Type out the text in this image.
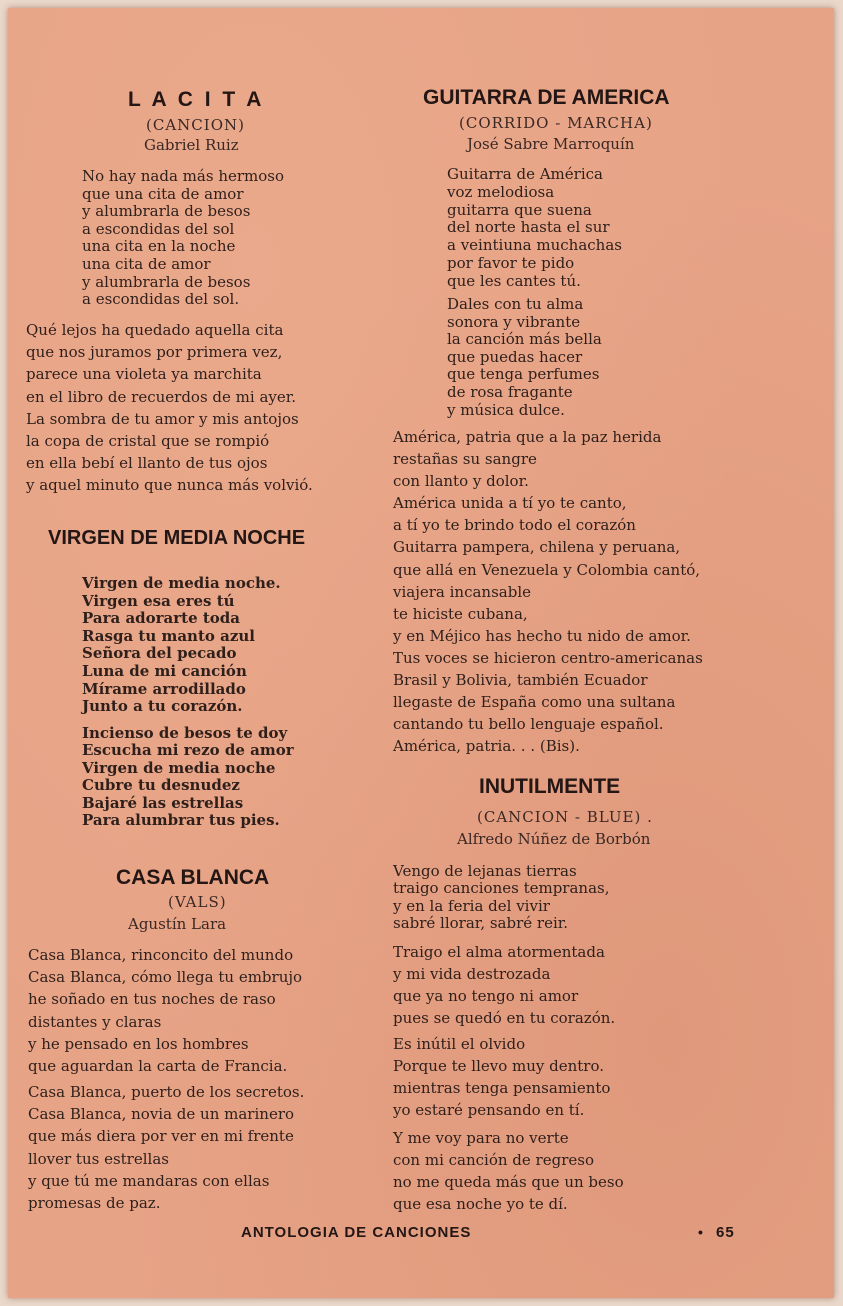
L A C I T A
(CANCION)
Gabriel Ruiz
No hay nada más hermoso
que una cita de amor
y alumbrarla de besos
a escondidas del sol
una cita en la noche
una cita de amor
y alumbrarla de besos
a escondidas del sol.
Qué lejos ha quedado aquella cita
que nos juramos por primera vez,
parece una violeta ya marchita
en el libro de recuerdos de mi ayer.
La sombra de tu amor y mis antojos
la copa de cristal que se rompió
en ella bebí el llanto de tus ojos
y aquel minuto que nunca más volvió.
VIRGEN DE MEDIA NOCHE
Virgen de media noche.
Virgen esa eres tú
Para adorarte toda
Rasga tu manto azul
Señora del pecado
Luna de mi canción
Mírame arrodillado
Junto a tu corazón.
Incienso de besos te doy
Escucha mi rezo de amor
Virgen de media noche
Cubre tu desnudez
Bajaré las estrellas
Para alumbrar tus pies.
CASA BLANCA
(VALS)
Agustín Lara
Casa Blanca, rinconcito del mundo
Casa Blanca, cómo llega tu embrujo
he soñado en tus noches de raso
distantes y claras
y he pensado en los hombres
que aguardan la carta de Francia.
Casa Blanca, puerto de los secretos.
Casa Blanca, novia de un marinero
que más diera por ver en mi frente
llover tus estrellas
y que tú me mandaras con ellas
promesas de paz.
GUITARRA DE AMERICA
(CORRIDO - MARCHA)
José Sabre Marroquín
Guitarra de América
voz melodiosa
guitarra que suena
del norte hasta el sur
a veintiuna muchachas
por favor te pido
que les cantes tú.
Dales con tu alma
sonora y vibrante
la canción más bella
que puedas hacer
que tenga perfumes
de rosa fragante
y música dulce.
América, patria que a la paz herida
restañas su sangre
con llanto y dolor.
América unida a tí yo te canto,
a tí yo te brindo todo el corazón
Guitarra pampera, chilena y peruana,
que allá en Venezuela y Colombia cantó,
viajera incansable
te hiciste cubana,
y en Méjico has hecho tu nido de amor.
Tus voces se hicieron centro-americanas
Brasil y Bolivia, también Ecuador
llegaste de España como una sultana
cantando tu bello lenguaje español.
América, patria. . . (Bis).
INUTILMENTE
(CANCION - BLUE) .
Alfredo Núñez de Borbón
Vengo de lejanas tierras
traigo canciones tempranas,
y en la feria del vivir
sabré llorar, sabré reir.
Traigo el alma atormentada
y mi vida destrozada
que ya no tengo ni amor
pues se quedó en tu corazón.
Es inútil el olvido
Porque te llevo muy dentro.
mientras tenga pensamiento
yo estaré pensando en tí.
Y me voy para no verte
con mi canción de regreso
no me queda más que un beso
que esa noche yo te dí.
ANTOLOGIA DE CANCIONES	• 65
